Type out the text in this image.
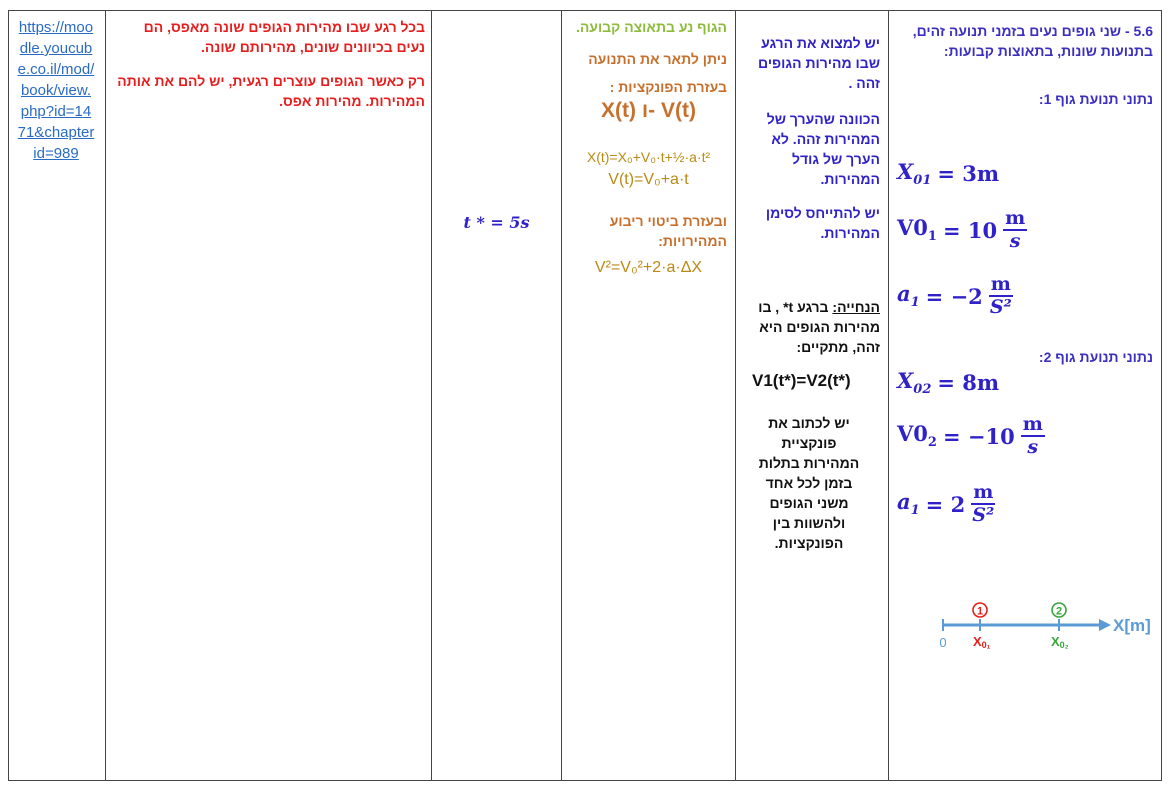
https://moodle.youcube.co.il/mod/book/view.php?id=1471&chapterid=989

בכל רגע שבו מהירות הגופים שונה מאפס, הם נעים בכיוונים שונים, מהירותם שונה.
רק כאשר הגופים עוצרים רגעית, יש להם את אותה המהירות. מהירות אפס.

t * = 5s

הגוף נע בתאוצה קבועה.
ניתן לתאר את התנועה
בעזרת הפונקציות :
V(t) -ו X(t)
X(t)=X₀+V₀·t+½·a·t²
V(t)=V₀+a·t
ובעזרת ביטוי ריבוע המהירויות:
V²=V₀²+2·a·ΔX

יש למצוא את הרגע שבו מהירות הגופים זהה .
הכוונה שהערך של המהירות זהה. לא הערך של גודל המהירות.
יש להתייחס לסימן המהירות.
הנחייה: ברגע t* , בו מהירות הגופים היא זהה, מתקיים:
V1(t*)=V2(t*)
יש לכתוב את פונקציית המהירות בתלות בזמן לכל אחד משני הגופים ולהשוות בין הפונקציות.

5.6 - שני גופים נעים בזמני תנועה זהים, בתנועות שונות, בתאוצות קבועות:
נתוני תנועת גוף 1:
$X_{01} = 3m$
$V0_1 = 10 \frac{m}{s}$
$a_1 = -2 \frac{m}{\text{S²}}$
נתוני תנועת גוף 2:
$X_{02} = 8m$
$V0_2 = -10 \frac{m}{s}$
$a_1 = 2 \frac{m}{\text{S²}}$
1	2
0 X0₁	X0₂
X[m]
